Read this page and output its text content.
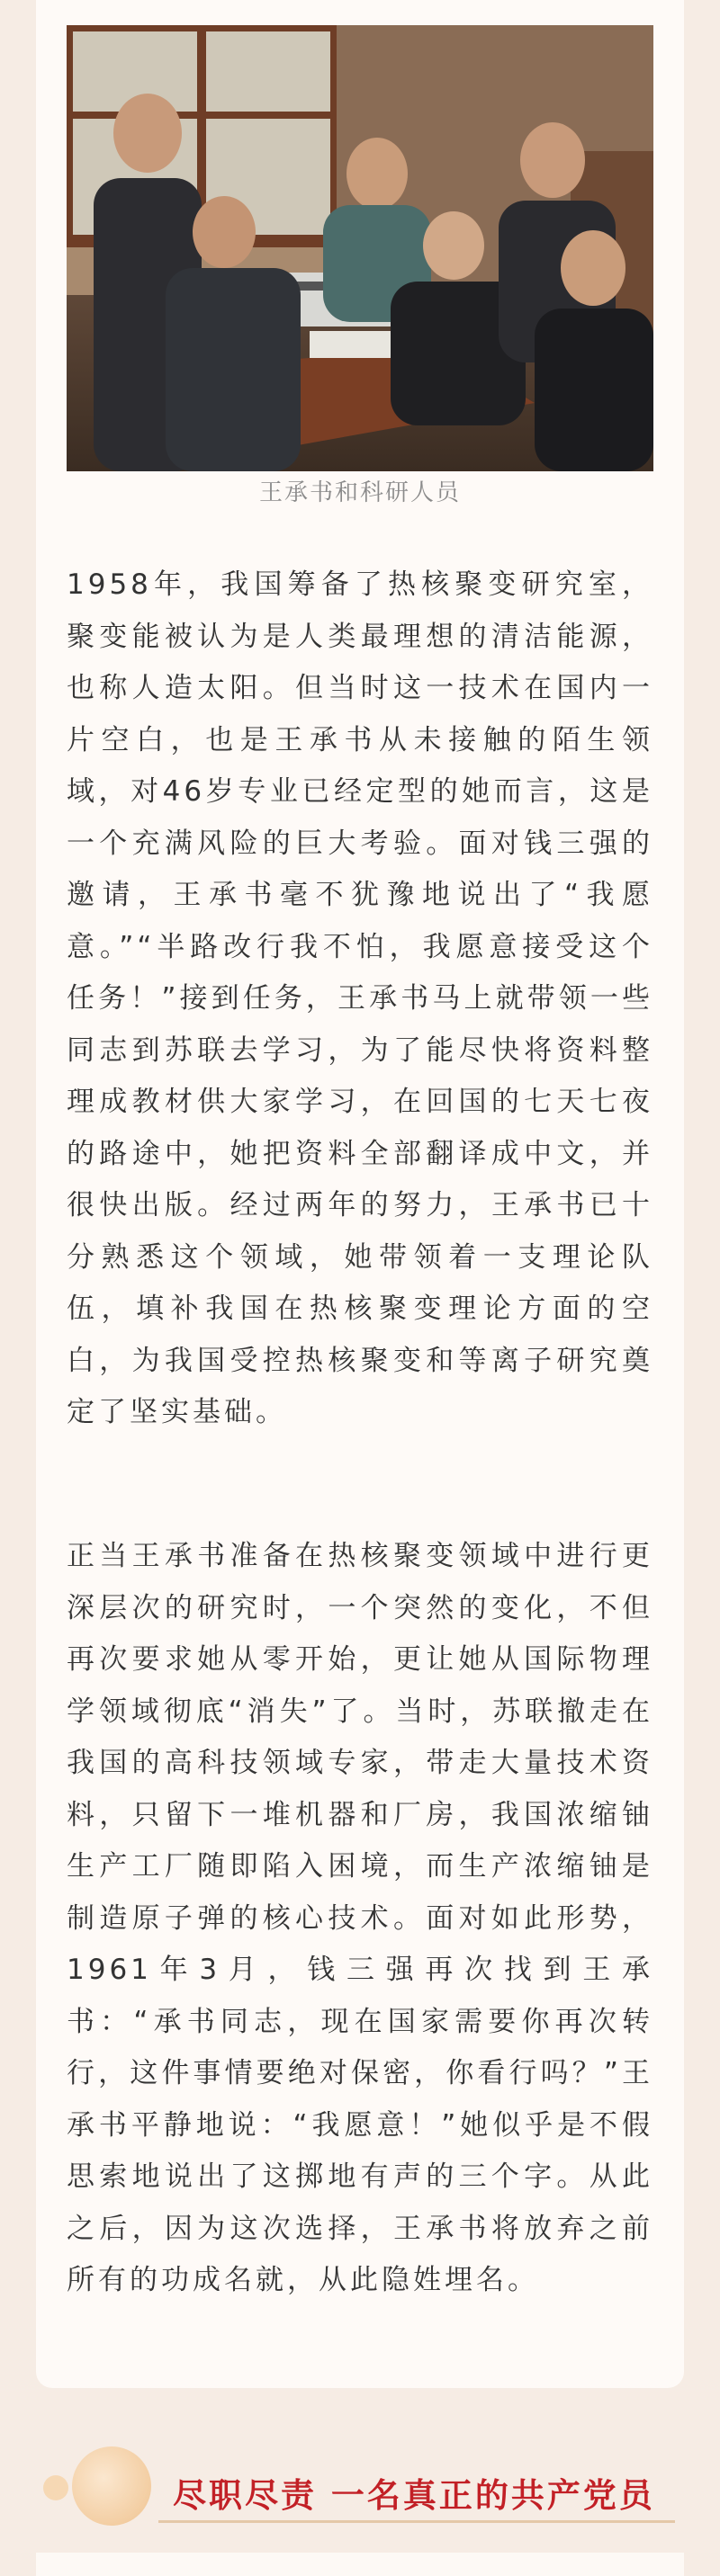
王承书和科研人员
1958年，我国筹备了热核聚变研究室，聚变能被认为是人类最理想的清洁能源，也称人造太阳。但当时这一技术在国内一片空白，也是王承书从未接触的陌生领域，对46岁专业已经定型的她而言，这是一个充满风险的巨大考验。面对钱三强的邀请，王承书毫不犹豫地说出了“我愿意。”“半路改行我不怕，我愿意接受这个任务！”接到任务，王承书马上就带领一些同志到苏联去学习，为了能尽快将资料整理成教材供大家学习，在回国的七天七夜的路途中，她把资料全部翻译成中文，并很快出版。经过两年的努力，王承书已十分熟悉这个领域，她带领着一支理论队伍，填补我国在热核聚变理论方面的空白，为我国受控热核聚变和等离子研究奠定了坚实基础。
正当王承书准备在热核聚变领域中进行更深层次的研究时，一个突然的变化，不但再次要求她从零开始，更让她从国际物理学领域彻底“消失”了。当时，苏联撤走在我国的高科技领域专家，带走大量技术资料，只留下一堆机器和厂房，我国浓缩铀生产工厂随即陷入困境，而生产浓缩铀是制造原子弹的核心技术。面对如此形势，1961年3月，钱三强再次找到王承书：“承书同志，现在国家需要你再次转行，这件事情要绝对保密，你看行吗？”王承书平静地说：“我愿意！”她似乎是不假思索地说出了这掷地有声的三个字。从此之后，因为这次选择，王承书将放弃之前所有的功成名就，从此隐姓埋名。
尽职尽责 一名真正的共产党员
